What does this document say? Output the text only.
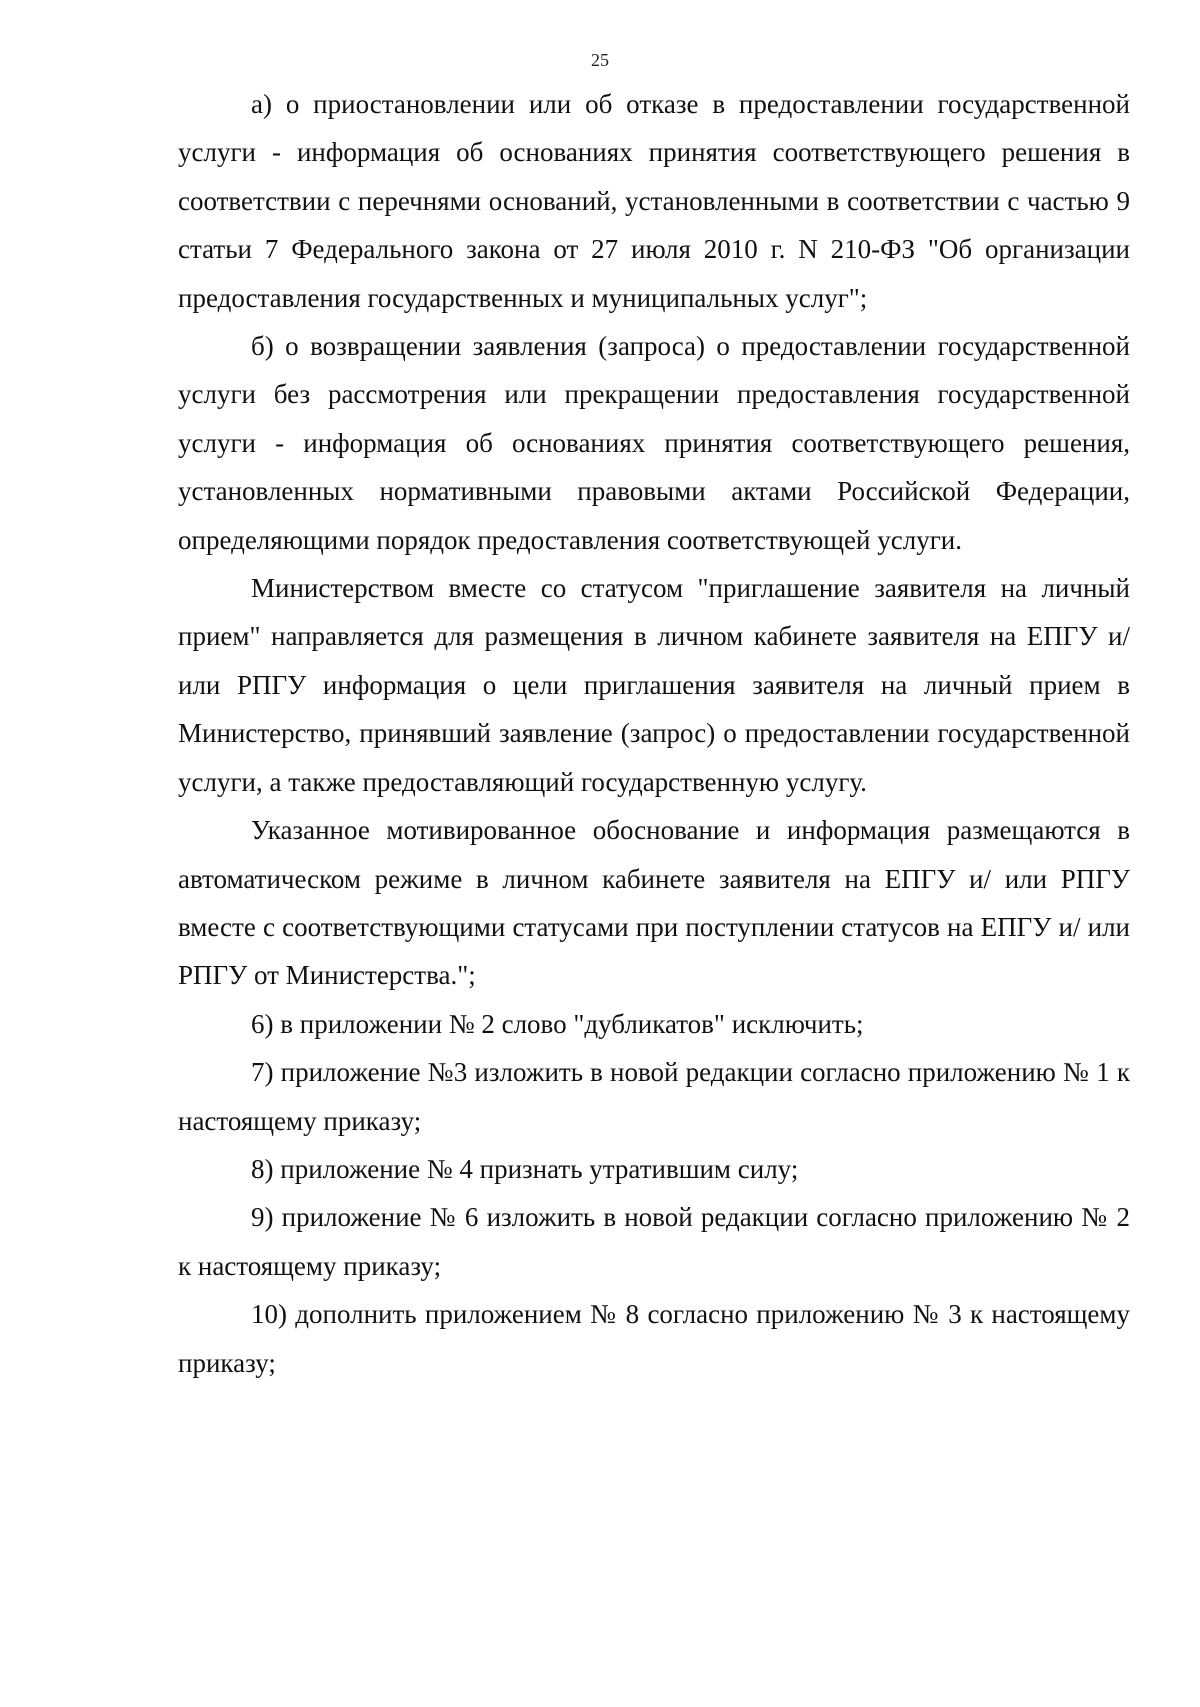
25

а) о приостановлении или об отказе в предоставлении государственной услуги - информация об основаниях принятия соответствующего решения в соответствии с перечнями оснований, установленными в соответствии с частью 9 статьи 7 Федерального закона от 27 июля 2010 г. N 210-ФЗ "Об организации предоставления государственных и муниципальных услуг";

б) о возвращении заявления (запроса) о предоставлении государственной услуги без рассмотрения или прекращении предоставления государственной услуги - информация об основаниях принятия соответствующего решения, установленных нормативными правовыми актами Российской Федерации, определяющими порядок предоставления соответствующей услуги.

Министерством вместе со статусом "приглашение заявителя на личный прием" направляется для размещения в личном кабинете заявителя на ЕПГУ и/ или РПГУ информация о цели приглашения заявителя на личный прием в Министерство, принявший заявление (запрос) о предоставлении государственной услуги, а также предоставляющий государственную услугу.

Указанное мотивированное обоснование и информация размещаются в автоматическом режиме в личном кабинете заявителя на ЕПГУ и/ или РПГУ вместе с соответствующими статусами при поступлении статусов на ЕПГУ и/ или РПГУ от Министерства.";

6) в приложении № 2 слово "дубликатов" исключить;

7) приложение №3 изложить в новой редакции согласно приложению № 1 к настоящему приказу;

8) приложение № 4 признать утратившим силу;

9) приложение № 6 изложить в новой редакции согласно приложению № 2 к настоящему приказу;

10) дополнить приложением № 8 согласно приложению № 3 к настоящему приказу;
